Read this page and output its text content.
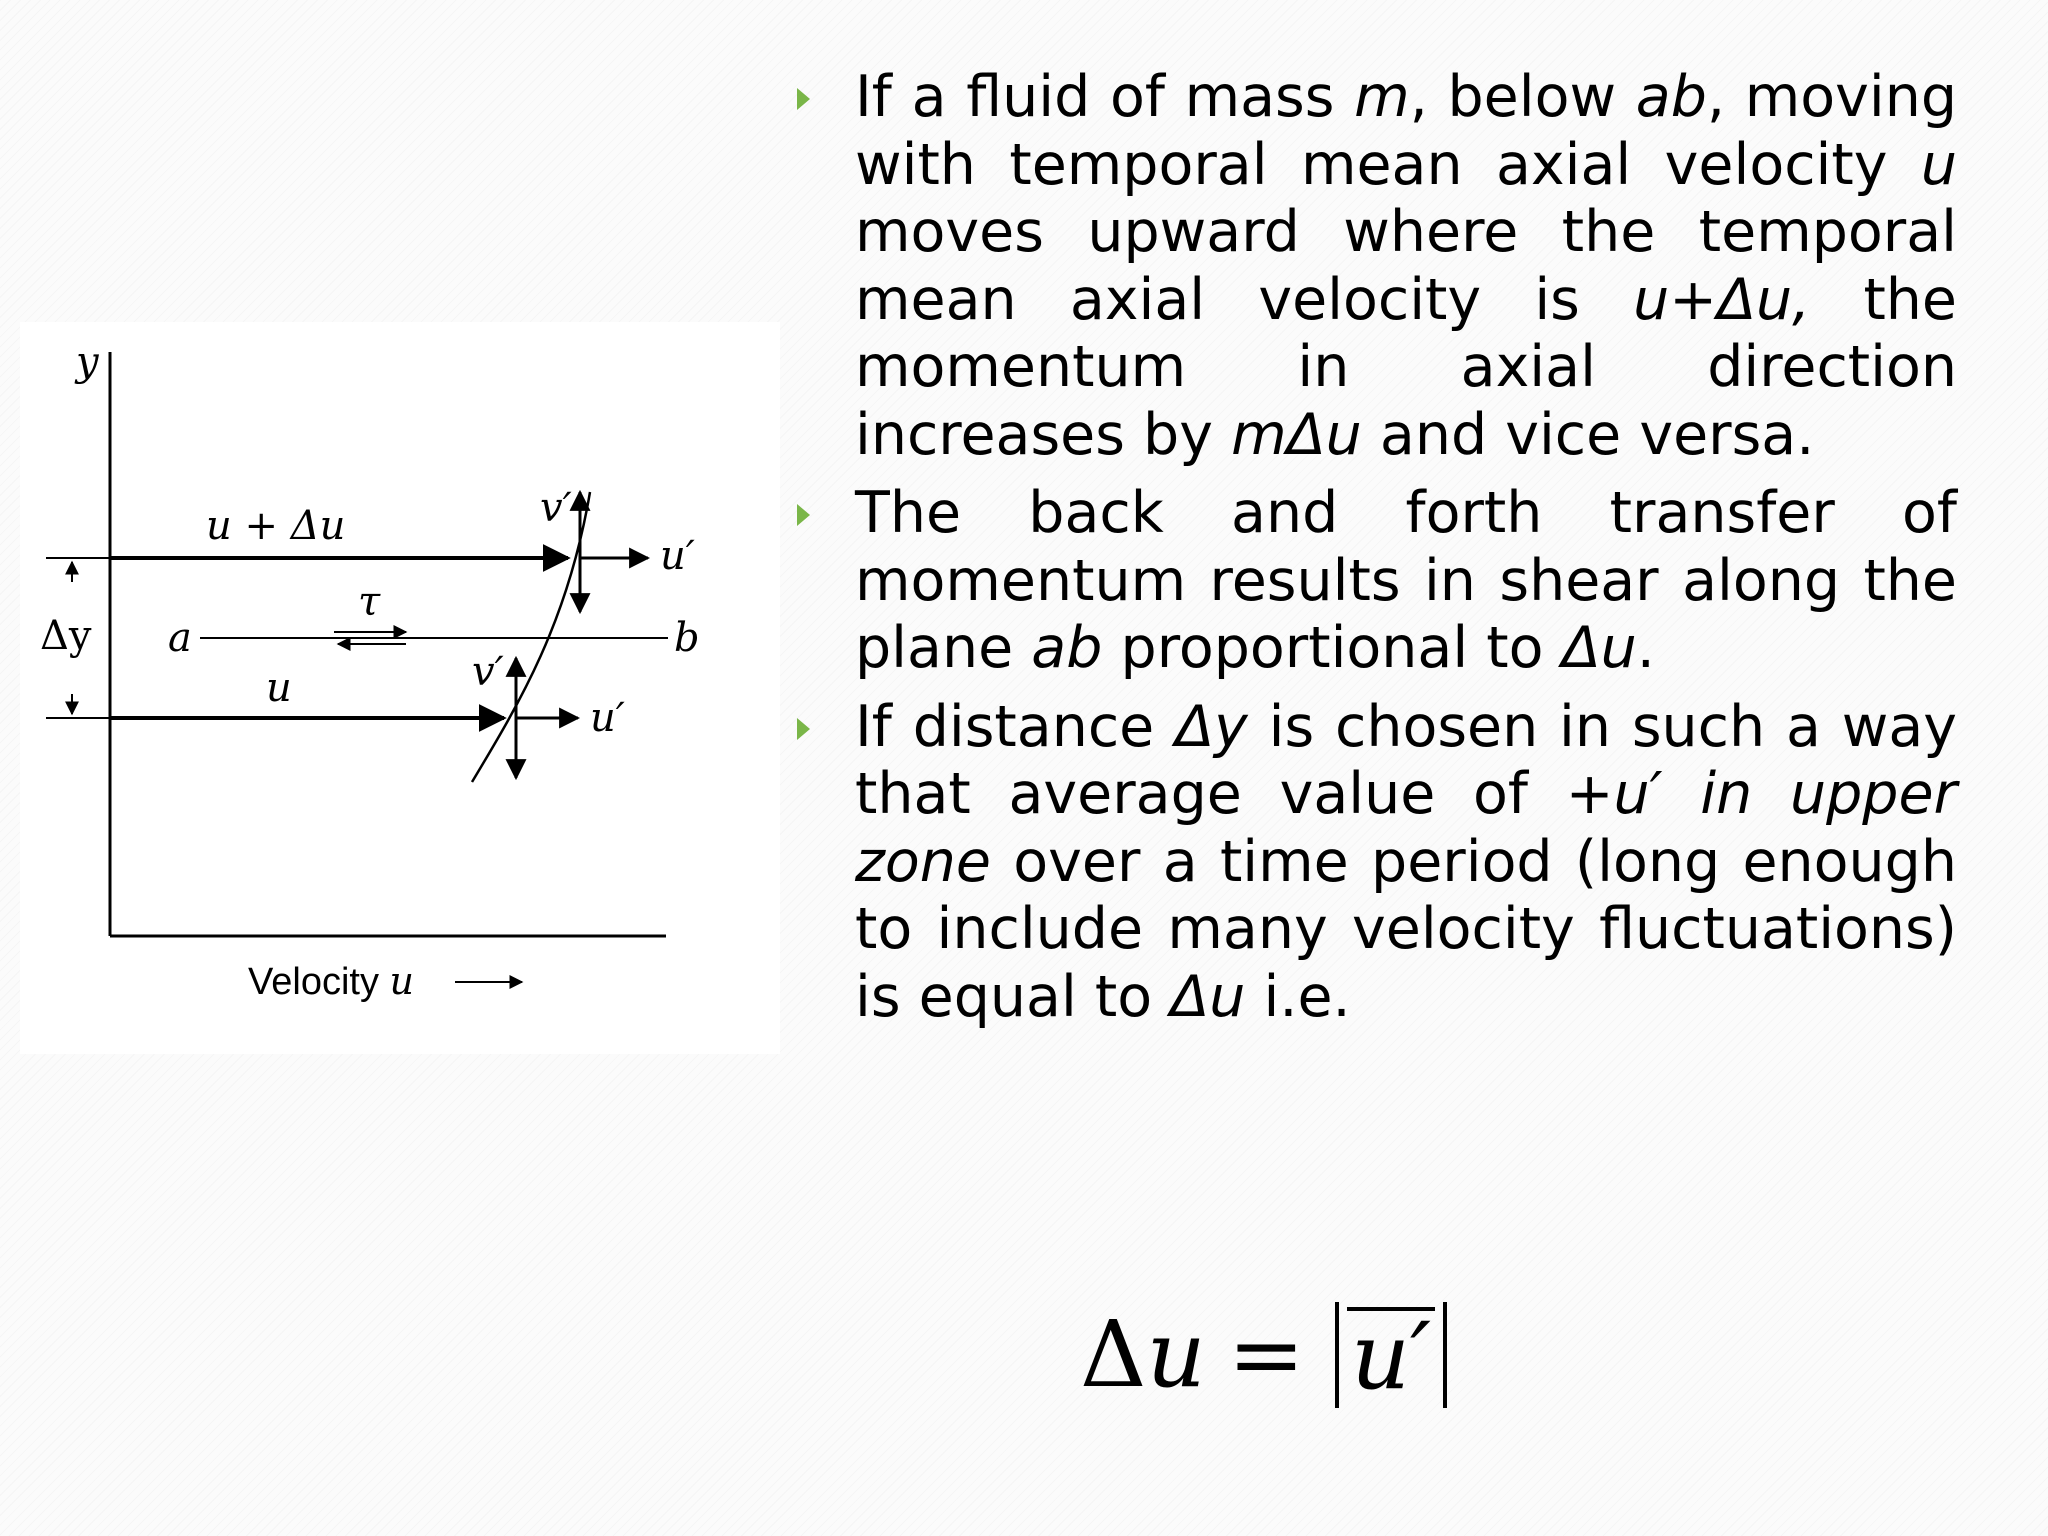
y
u + Δu	v′
u′
τ
Δy a	b
v′
u
u′
Velocity u
If a fluid of mass m, below ab, moving with temporal mean axial velocity u moves upward where the temporal mean axial velocity is u+Δu, the momentum in axial direction increases by mΔu and vice versa.
The back and forth transfer of momentum results in shear along the plane ab proportional to Δu.
If distance Δy is chosen in such a way that average value of +u′ in upper zone over a time period (long enough to include many velocity fluctuations) is equal to Δu i.e.
Δ u = u′
